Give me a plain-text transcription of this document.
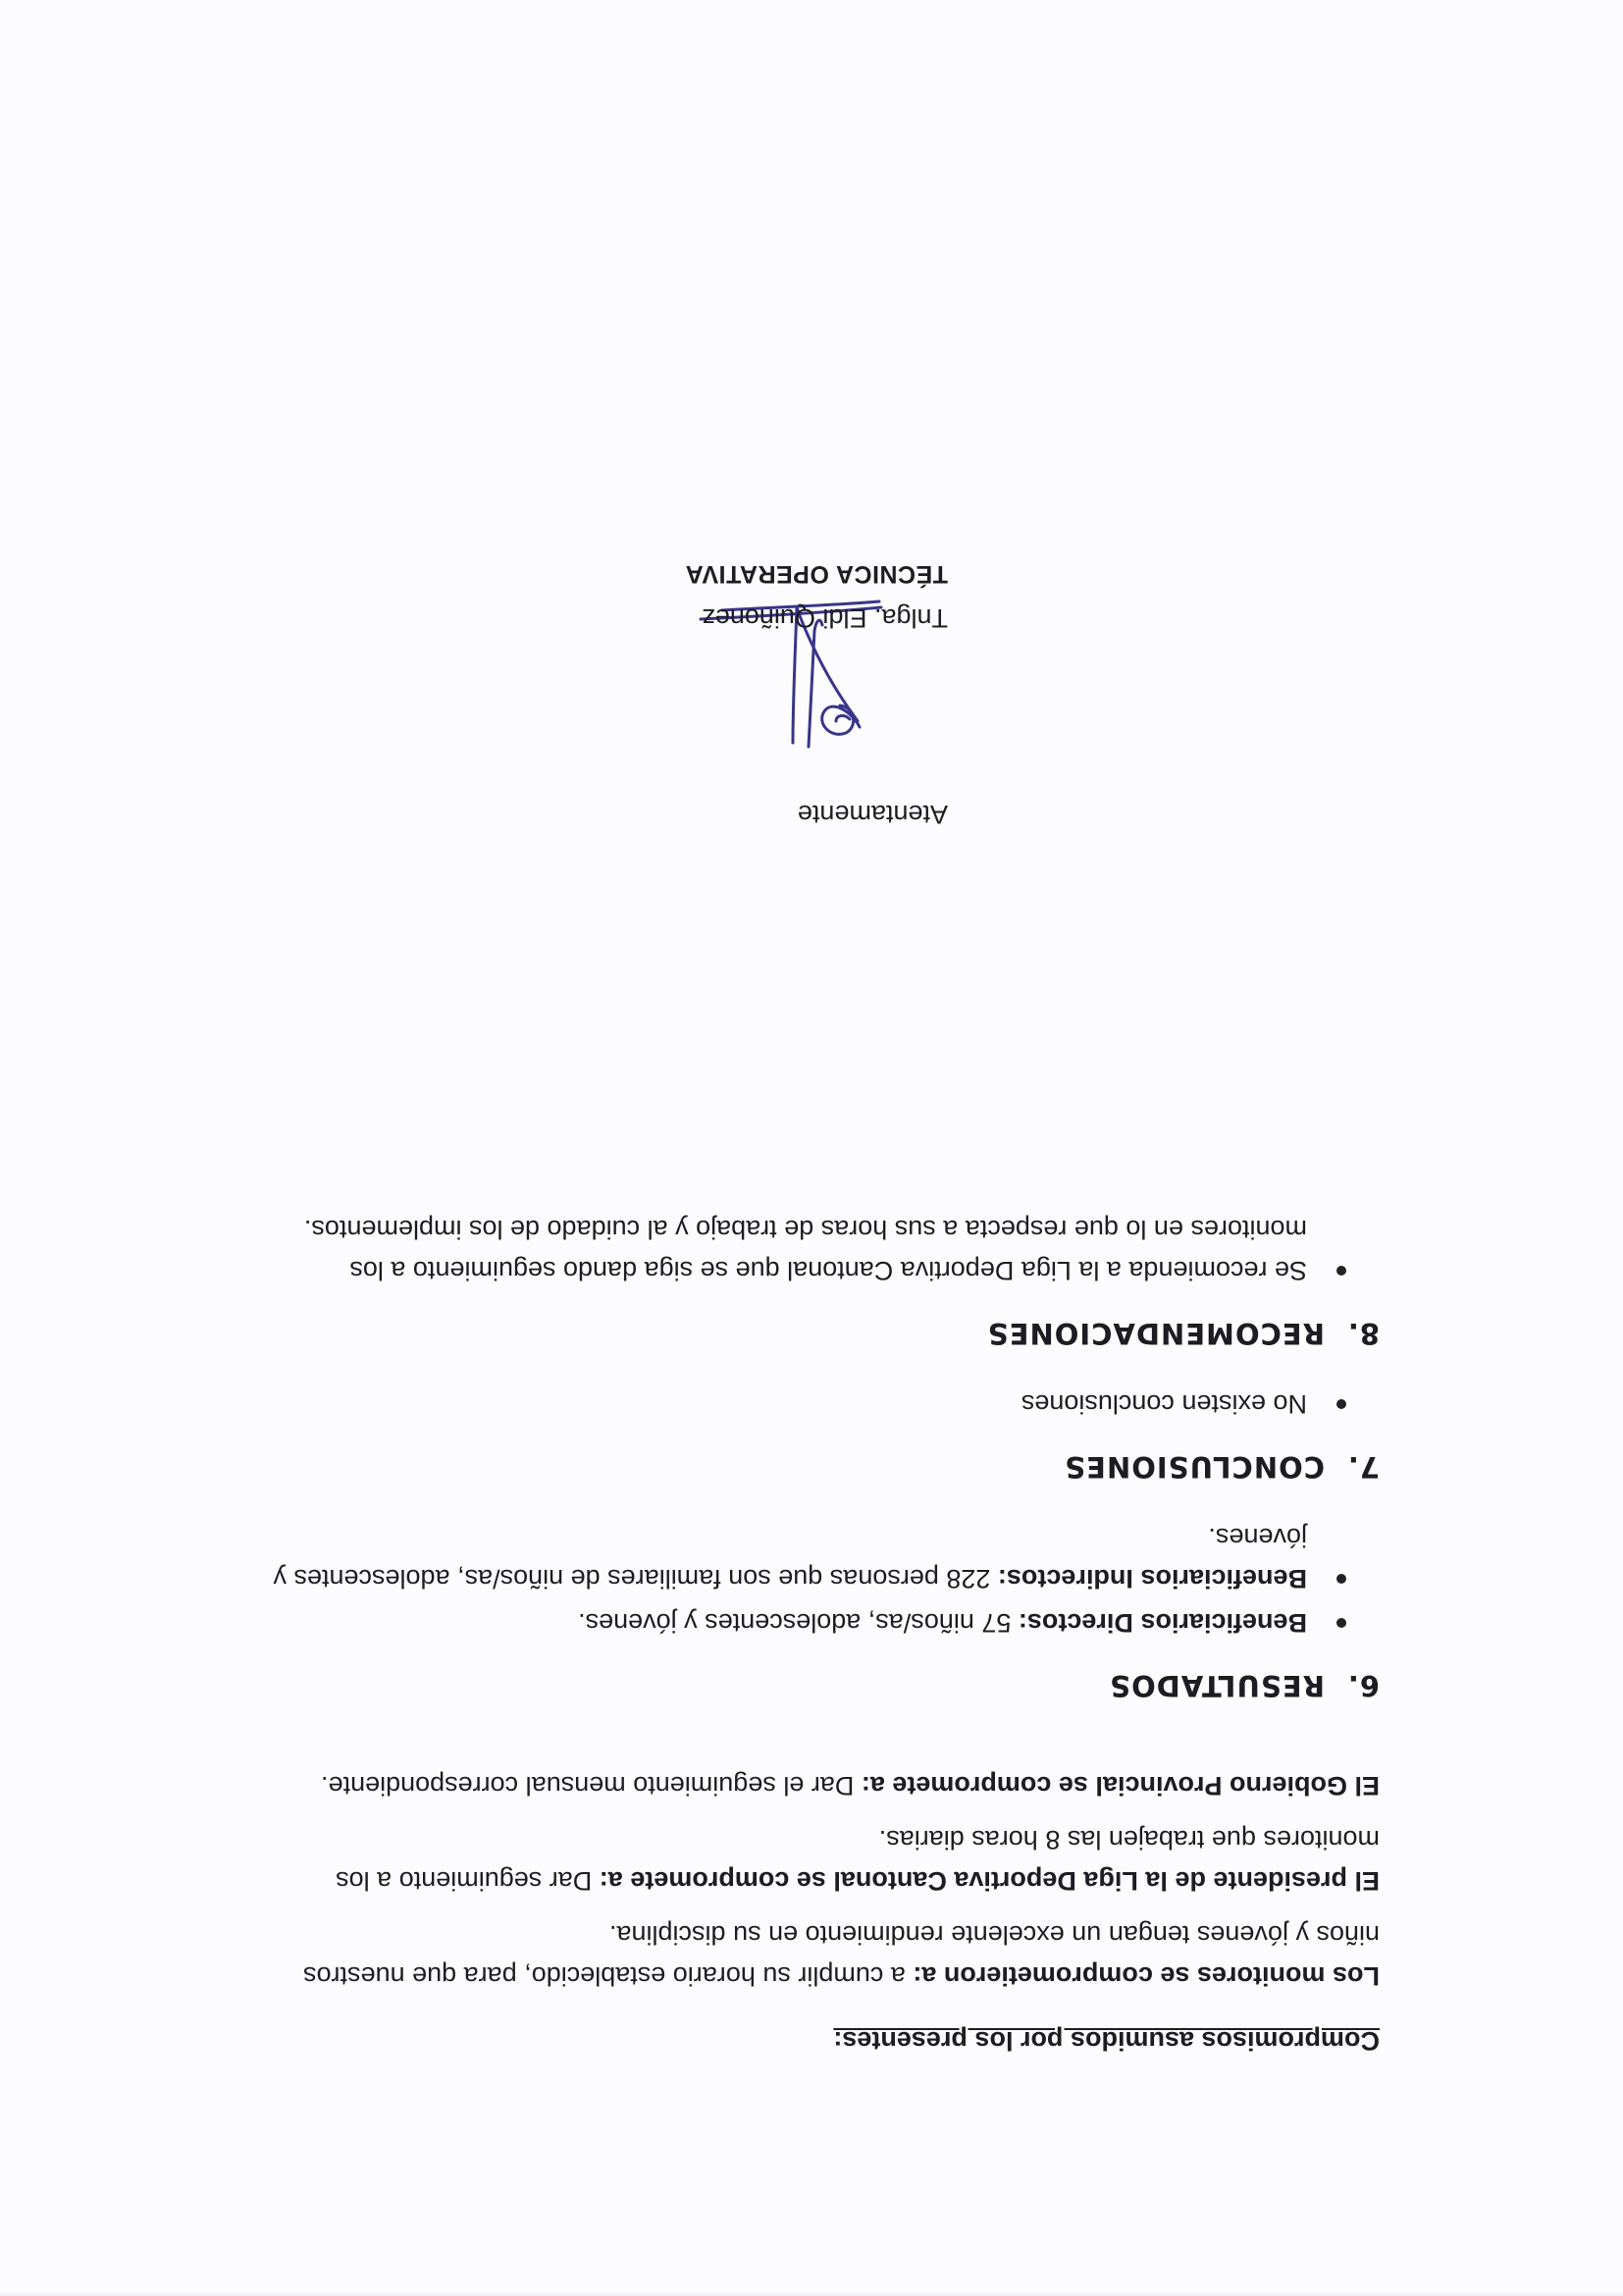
Compromisos asumidos por los presentes:

Los monitores se comprometieron a: a cumplir su horario establecido, para que nuestros niños y jóvenes tengan un excelente rendimiento en su disciplina.

El presidente de la Liga Deportiva Cantonal se compromete a: Dar seguimiento a los monitores que trabajen las 8 horas diarias.

El Gobierno Provincial se compromete a: Dar el seguimiento mensual correspondiente.

6.RESULTADOS

Beneficiarios Directos: 57 niños/as, adolescentes y jóvenes.
Beneficiarios Indirectos: 228 personas que son familiares de niños/as, adolescentes y jóvenes.

7.CONCLUSIONES

No existen conclusiones

8.RECOMENDACIONES

Se recomienda a la Liga Deportiva Cantonal que se siga dando seguimiento a los monitores en lo que respecta a sus horas de trabajo y al cuidado de los implementos.
Atentamente
Tnlga. Eldi Quiñonez
TÉCNICA OPERATIVA
